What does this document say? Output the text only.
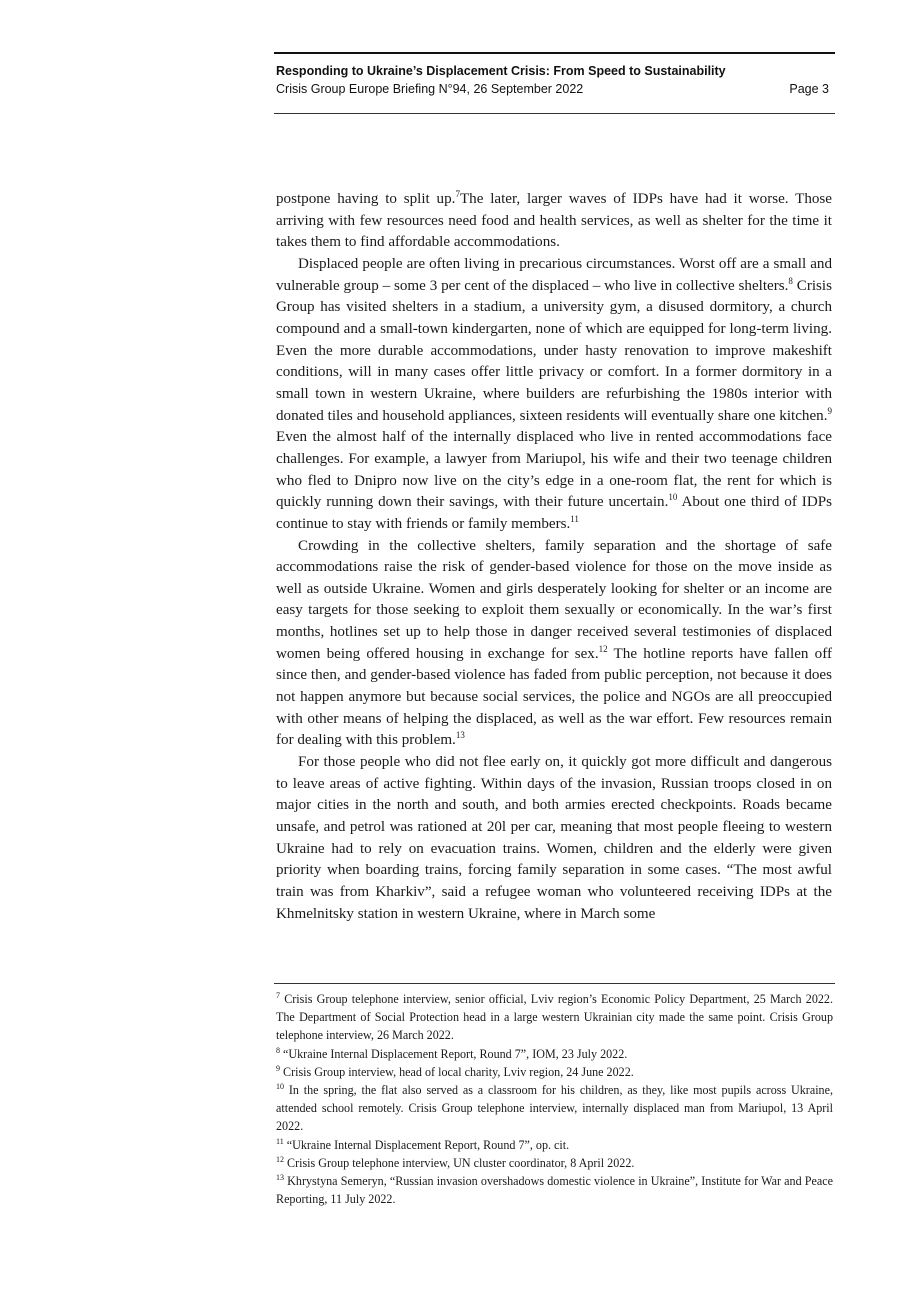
Responding to Ukraine’s Displacement Crisis: From Speed to Sustainability
Crisis Group Europe Briefing N°94, 26 September 2022	Page 3

postpone having to split up.$^7$The later, larger waves of IDPs have had it worse. Those arriving with few resources need food and health services, as well as shelter for the time it takes them to find affordable accommodations.

Displaced people are often living in precarious circumstances. Worst off are a small and vulnerable group – some 3 per cent of the displaced – who live in collective shelters.$^8$ Crisis Group has visited shelters in a stadium, a university gym, a disused dormitory, a church compound and a small-town kindergarten, none of which are equipped for long-term living. Even the more durable accommodations, under hasty renovation to improve makeshift conditions, will in many cases offer little privacy or comfort. In a former dormitory in a small town in western Ukraine, where builders are refurbishing the 1980s interior with donated tiles and household appliances, sixteen residents will eventually share one kitchen.$^9$ Even the almost half of the internally displaced who live in rented accommodations face challenges. For example, a lawyer from Mariupol, his wife and their two teenage children who fled to Dnipro now live on the city’s edge in a one-room flat, the rent for which is quickly running down their savings, with their future uncertain.$^{10}$ About one third of IDPs continue to stay with friends or family members.$^{11}$

Crowding in the collective shelters, family separation and the shortage of safe accommodations raise the risk of gender-based violence for those on the move inside as well as outside Ukraine. Women and girls desperately looking for shelter or an income are easy targets for those seeking to exploit them sexually or economically. In the war’s first months, hotlines set up to help those in danger received several testimonies of displaced women being offered housing in exchange for sex.$^{12}$ The hotline reports have fallen off since then, and gender-based violence has faded from public perception, not because it does not happen anymore but because social services, the police and NGOs are all preoccupied with other means of helping the displaced, as well as the war effort. Few resources remain for dealing with this problem.$^{13}$

For those people who did not flee early on, it quickly got more difficult and dangerous to leave areas of active fighting. Within days of the invasion, Russian troops closed in on major cities in the north and south, and both armies erected checkpoints. Roads became unsafe, and petrol was rationed at 20l per car, meaning that most people fleeing to western Ukraine had to rely on evacuation trains. Women, children and the elderly were given priority when boarding trains, forcing family separation in some cases. “The most awful train was from Kharkiv”, said a refugee woman who volunteered receiving IDPs at the Khmelnitsky station in western Ukraine, where in March some

$^7$ Crisis Group telephone interview, senior official, Lviv region’s Economic Policy Department, 25 March 2022. The Department of Social Protection head in a large western Ukrainian city made the same point. Crisis Group telephone interview, 26 March 2022.

$^8$ “Ukraine Internal Displacement Report, Round 7”, IOM, 23 July 2022.

$^9$ Crisis Group interview, head of local charity, Lviv region, 24 June 2022.

$^{10}$ In the spring, the flat also served as a classroom for his children, as they, like most pupils across Ukraine, attended school remotely. Crisis Group telephone interview, internally displaced man from Mariupol, 13 April 2022.

$^{11}$ “Ukraine Internal Displacement Report, Round 7”, op. cit.

$^{12}$ Crisis Group telephone interview, UN cluster coordinator, 8 April 2022.

$^{13}$ Khrystyna Semeryn, “Russian invasion overshadows domestic violence in Ukraine”, Institute for War and Peace Reporting, 11 July 2022.
